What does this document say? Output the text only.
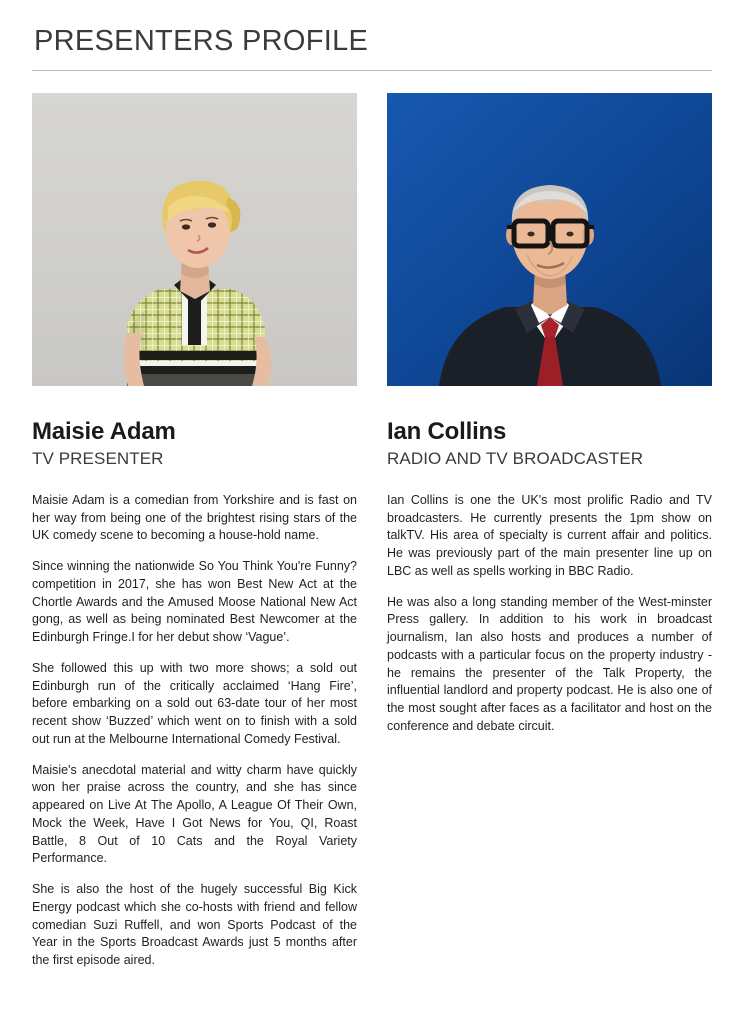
PRESENTERS PROFILE
Maisie Adam
TV PRESENTER

Maisie Adam is a comedian from Yorkshire and is fast on her way from being one of the brightest rising stars of the UK comedy scene to becoming a house-hold name.

Since winning the nationwide So You Think You're Funny? competition in 2017, she has won Best New Act at the Chortle Awards and the Amused Moose National New Act gong, as well as being nominated Best Newcomer at the Edinburgh Fringe.I for her debut show ‘Vague’.

She followed this up with two more shows; a sold out Edinburgh run of the critically acclaimed ‘Hang Fire’, before embarking on a sold out 63-date tour of her most recent show ‘Buzzed’ which went on to finish with a sold out run at the Melbourne International Comedy Festival.

Maisie's anecdotal material and witty charm have quickly won her praise across the country, and she has since appeared on Live At The Apollo, A League Of Their Own, Mock the Week, Have I Got News for You, QI, Roast Battle, 8 Out of 10 Cats and the Royal Variety Performance.

She is also the host of the hugely successful Big Kick Energy podcast which she co-hosts with friend and fellow comedian Suzi Ruffell, and won Sports Podcast of the Year in the Sports Broadcast Awards just 5 months after the first episode aired.

Ian Collins
RADIO AND TV BROADCASTER

Ian Collins is one the UK's most prolific Radio and TV broadcasters. He currently presents the 1pm show on talkTV. His area of specialty is current affair and politics. He was previously part of the main presenter line up on LBC as well as spells working in BBC Radio.

He was also a long standing member of the West-minster Press gallery. In addition to his work in broadcast journalism, Ian also hosts and produces a number of podcasts with a particular focus on the property industry - he remains the presenter of the Talk Property, the influential landlord and property podcast. He is also one of the most sought after faces as a facilitator and host on the conference and debate circuit.
